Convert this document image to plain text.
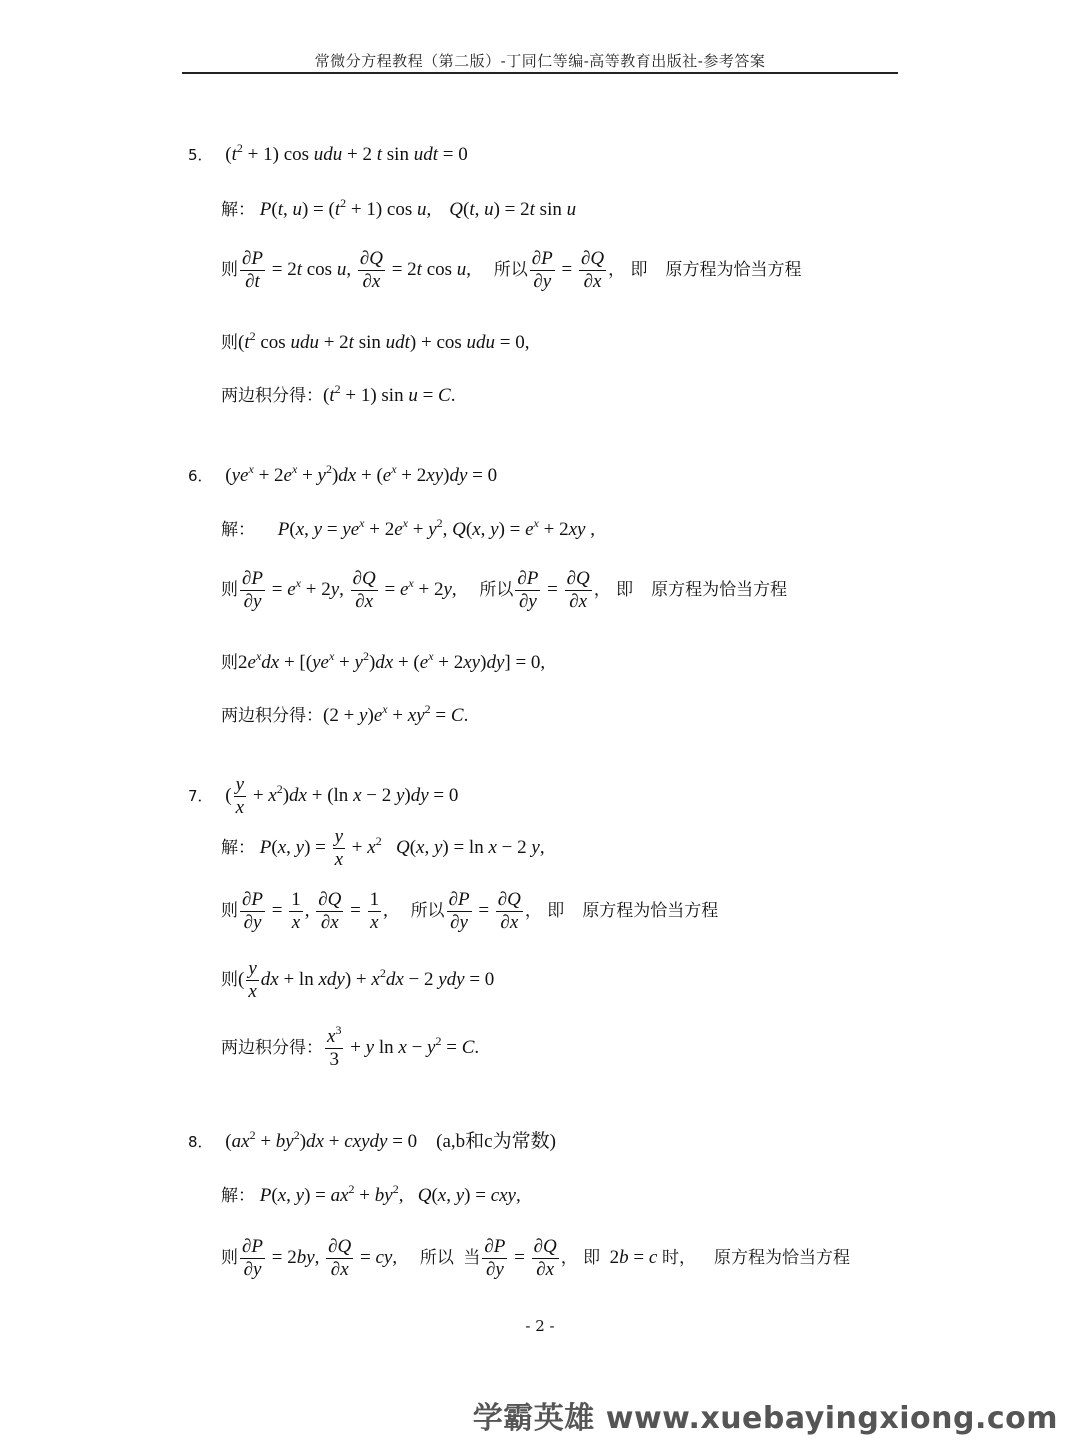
常微分方程教程（第二版）-丁同仁等编-高等教育出版社-参考答案
5． $(t^2 + 1)$ cos udu + 2 t sin udt = 0
解： P(t, $u) = (t^2 + 1)$ cos u, Q(t, u) = 2t sin u
则 $\frac{\partial P}{\partial t} = 2t$ cos u, $\frac{\partial Q}{\partial x} = 2t$ cos u, 所以 $\frac{\partial P}{\partial y} = \frac{\partial Q}{\partial x}$ ， 即 原方程为恰当方程
则($t^2$ cos udu + 2t sin udt) + cos udu = 0,
两边积分得：$(t^2 + 1)$ sin u = C.
6． $(ye^x + 2e^x + y^2)dx + (e^x + 2xy)dy = 0$
解： P(x, $y = ye^x + 2e^x + y^2$, Q(x, $y) = e^x + 2xy$ ,
则 $\frac{\partial P}{\partial y} = e^x + 2y$, $\frac{\partial Q}{\partial x} = e^x + 2y$, 所以 $\frac{\partial P}{\partial y} = \frac{\partial Q}{\partial x}$ ， 即 原方程为恰当方程
则$2e^xdx + [(ye^x + y^2)dx + (e^x + 2xy)dy] = 0$,
两边积分得：$(2 + y)e^x + xy^2 = C$.
7． ( $\frac{y}{x} + x^2)dx + (\ln$ x − 2 y)dy = 0
解： P(x, $y) = \frac{y}{x} + x^2$ Q(x, y) = ln x − 2 y,
则 $\frac{\partial P}{\partial y} = \frac{1}{x}$ , $\frac{\partial Q}{\partial x} = \frac{1}{x}$ , 所以 $\frac{\partial P}{\partial y} = \frac{\partial Q}{\partial x}$ ， 即 原方程为恰当方程
则( $\frac{y}{x}$ dx + $\ln xdy) + x^2dx - 2$ ydy = 0
两边积分得： $\frac{x^3}{3} + y$ $\ln x - y^2 = C$.
8． $(ax^2 + by^2)dx$ + cxydy = 0    (a,b和c为常数)
解： P(x, $y) = ax^2 + by^2$,   Q(x, y) = cxy,
则 $\frac{\partial P}{\partial y} = 2by$, $\frac{\partial Q}{\partial x}$ = cy, 所以 当 $\frac{\partial P}{\partial y} = \frac{\partial Q}{\partial x}$ ， 即  2b = c 时， 原方程为恰当方程
- 2 -
学霸英雄 www.xuebayingxiong.com
